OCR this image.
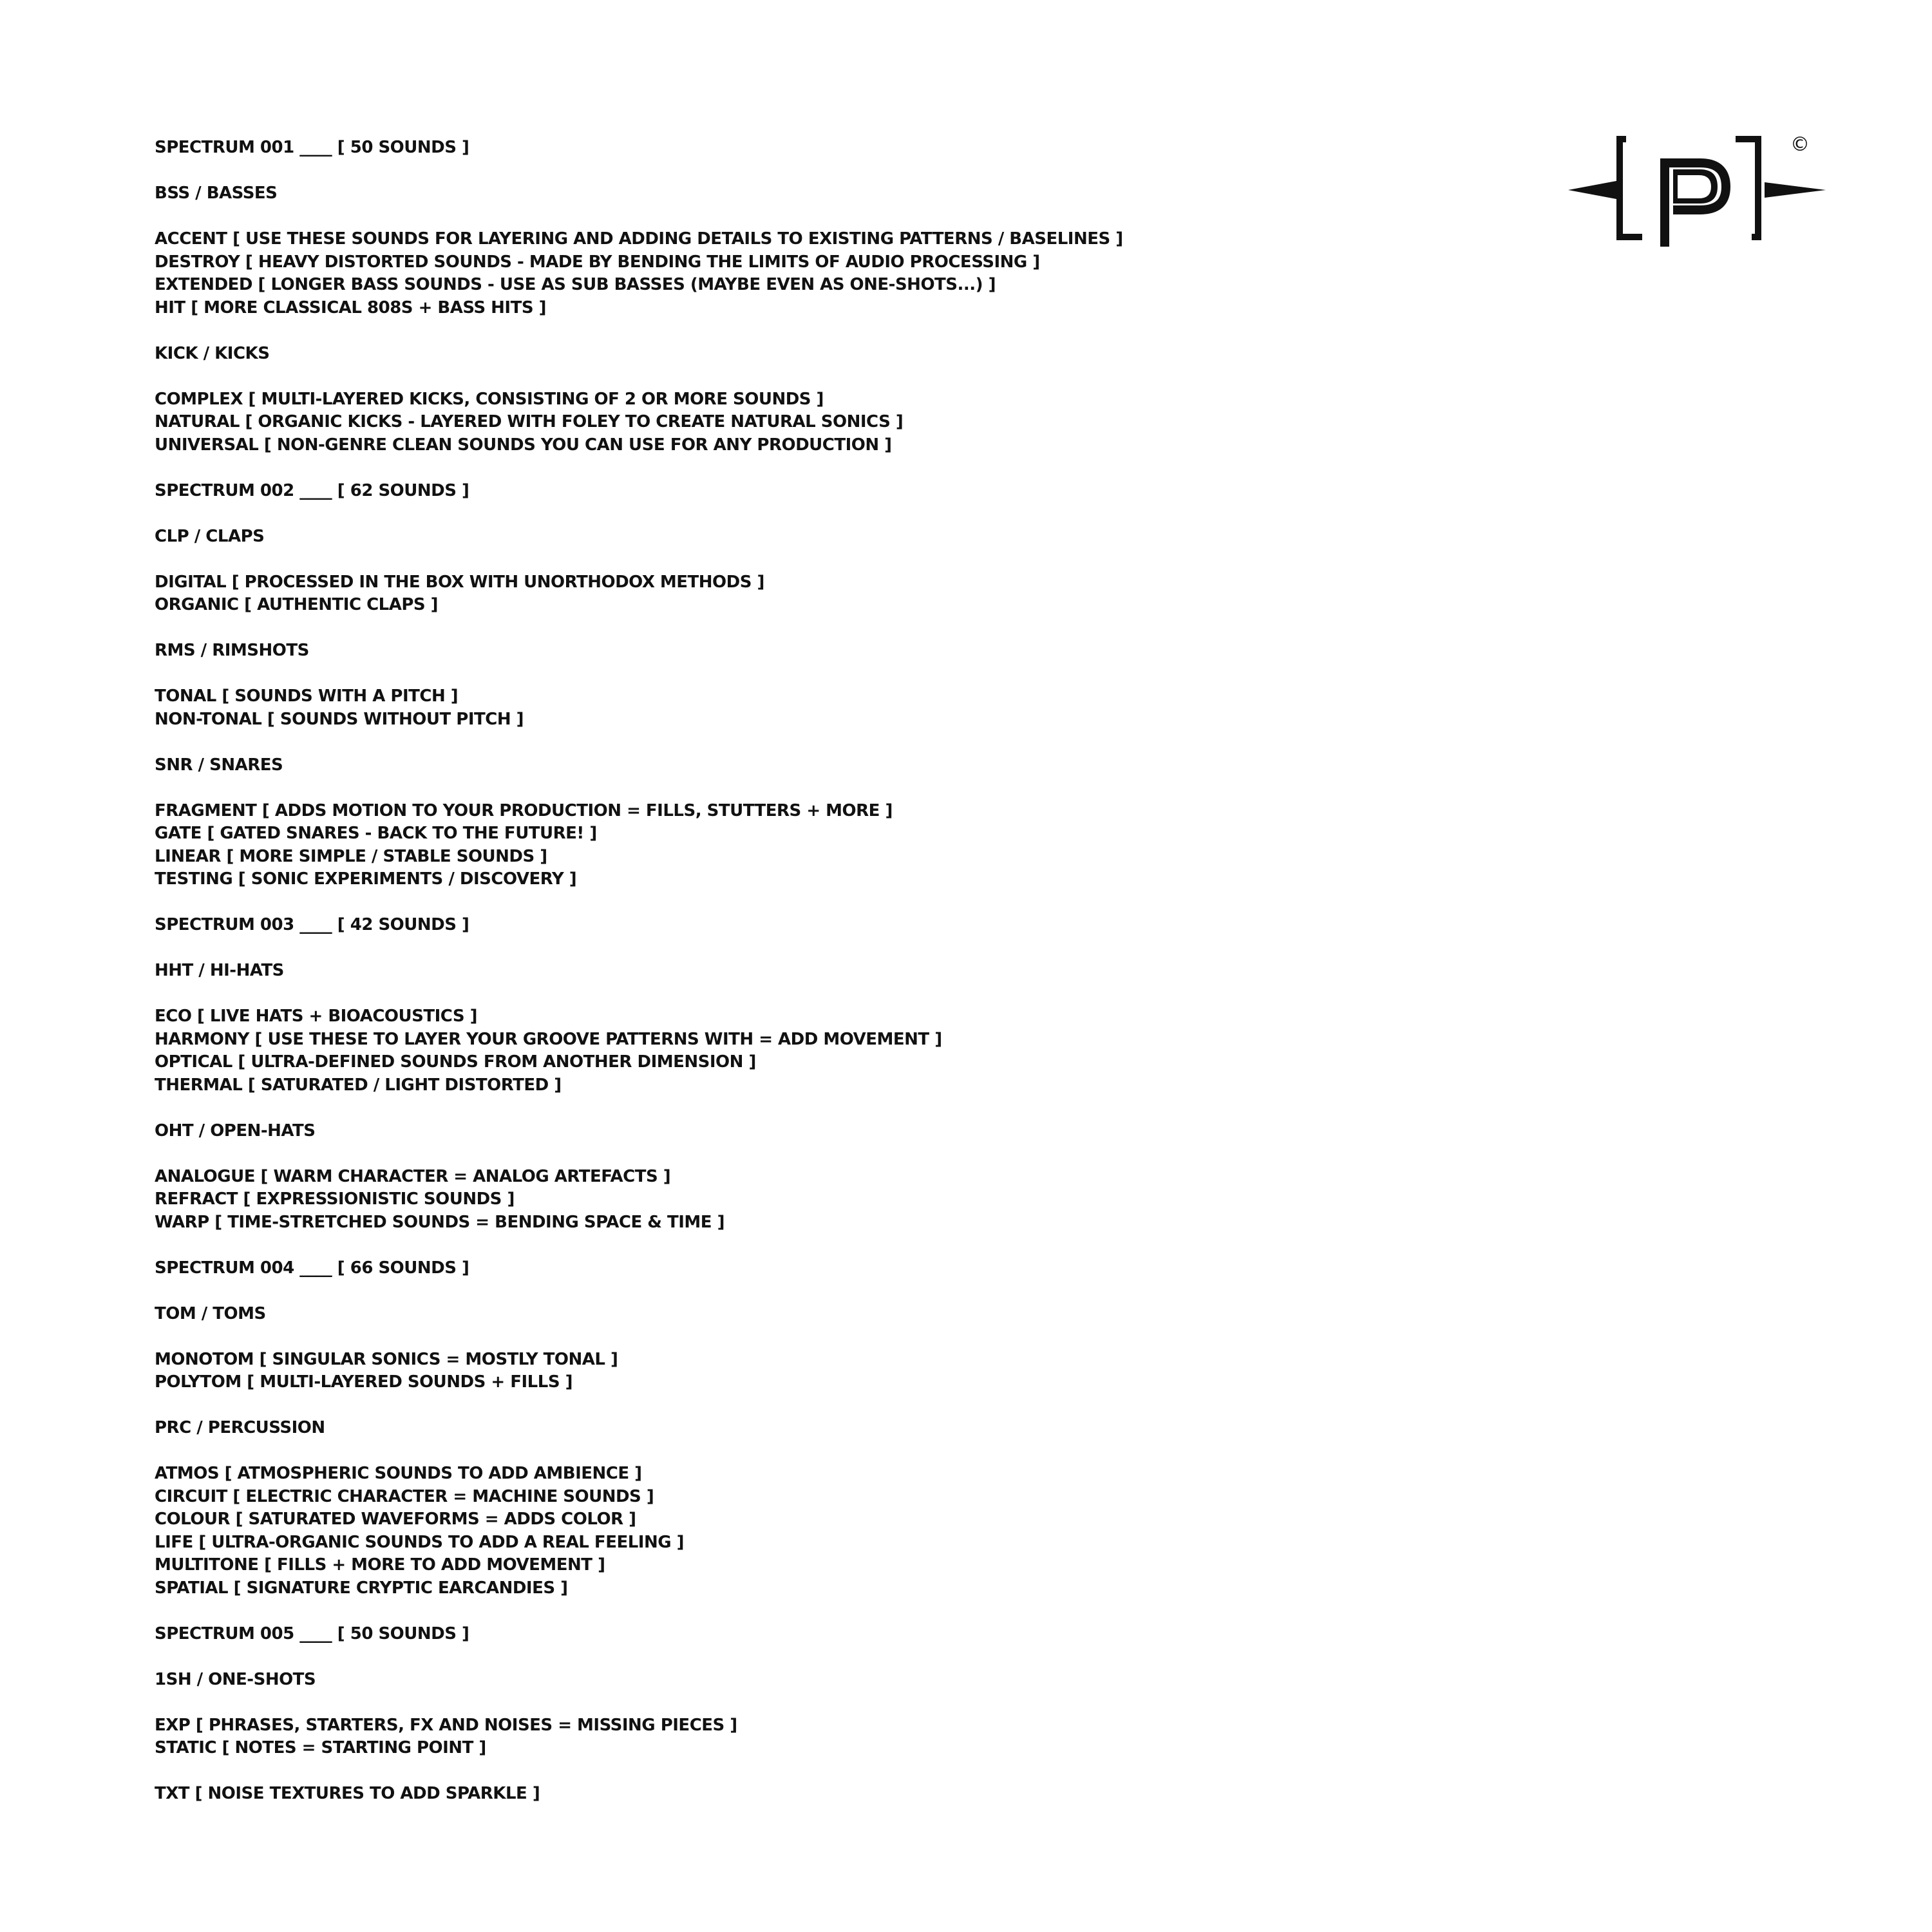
SPECTRUM 001 ____ [ 50 SOUNDS ]
BSS / BASSES
ACCENT [ USE THESE SOUNDS FOR LAYERING AND ADDING DETAILS TO EXISTING PATTERNS / BASELINES ]
DESTROY [ HEAVY DISTORTED SOUNDS - MADE BY BENDING THE LIMITS OF AUDIO PROCESSING ]
EXTENDED [ LONGER BASS SOUNDS - USE AS SUB BASSES (MAYBE EVEN AS ONE-SHOTS...) ]
HIT [ MORE CLASSICAL 808S + BASS HITS ]
KICK / KICKS
COMPLEX [ MULTI-LAYERED KICKS, CONSISTING OF 2 OR MORE SOUNDS ]
NATURAL [ ORGANIC KICKS - LAYERED WITH FOLEY TO CREATE NATURAL SONICS ]
UNIVERSAL [ NON-GENRE CLEAN SOUNDS YOU CAN USE FOR ANY PRODUCTION ]
SPECTRUM 002 ____ [ 62 SOUNDS ]
CLP / CLAPS
DIGITAL [ PROCESSED IN THE BOX WITH UNORTHODOX METHODS ]
ORGANIC [ AUTHENTIC CLAPS ]
RMS / RIMSHOTS
TONAL [ SOUNDS WITH A PITCH ]
NON-TONAL [ SOUNDS WITHOUT PITCH ]
SNR / SNARES
FRAGMENT [ ADDS MOTION TO YOUR PRODUCTION = FILLS, STUTTERS + MORE ]
GATE [ GATED SNARES - BACK TO THE FUTURE! ]
LINEAR [ MORE SIMPLE / STABLE SOUNDS ]
TESTING [ SONIC EXPERIMENTS / DISCOVERY ]
SPECTRUM 003 ____ [ 42 SOUNDS ]
HHT / HI-HATS
ECO [ LIVE HATS + BIOACOUSTICS ]
HARMONY [ USE THESE TO LAYER YOUR GROOVE PATTERNS WITH = ADD MOVEMENT ]
OPTICAL [ ULTRA-DEFINED SOUNDS FROM ANOTHER DIMENSION ]
THERMAL [ SATURATED / LIGHT DISTORTED ]
OHT / OPEN-HATS
ANALOGUE [ WARM CHARACTER = ANALOG ARTEFACTS ]
REFRACT [ EXPRESSIONISTIC SOUNDS ]
WARP [ TIME-STRETCHED SOUNDS = BENDING SPACE & TIME ]
SPECTRUM 004 ____ [ 66 SOUNDS ]
TOM / TOMS
MONOTOM [ SINGULAR SONICS = MOSTLY TONAL ]
POLYTOM [ MULTI-LAYERED SOUNDS + FILLS ]
PRC / PERCUSSION
ATMOS [ ATMOSPHERIC SOUNDS TO ADD AMBIENCE ]
CIRCUIT [ ELECTRIC CHARACTER = MACHINE SOUNDS ]
COLOUR [ SATURATED WAVEFORMS = ADDS COLOR ]
LIFE [ ULTRA-ORGANIC SOUNDS TO ADD A REAL FEELING ]
MULTITONE [ FILLS + MORE TO ADD MOVEMENT ]
SPATIAL [ SIGNATURE CRYPTIC EARCANDIES ]
SPECTRUM 005 ____ [ 50 SOUNDS ]
1SH / ONE-SHOTS
EXP [ PHRASES, STARTERS, FX AND NOISES = MISSING PIECES ]
STATIC [ NOTES = STARTING POINT ]
TXT [ NOISE TEXTURES TO ADD SPARKLE ]
©
